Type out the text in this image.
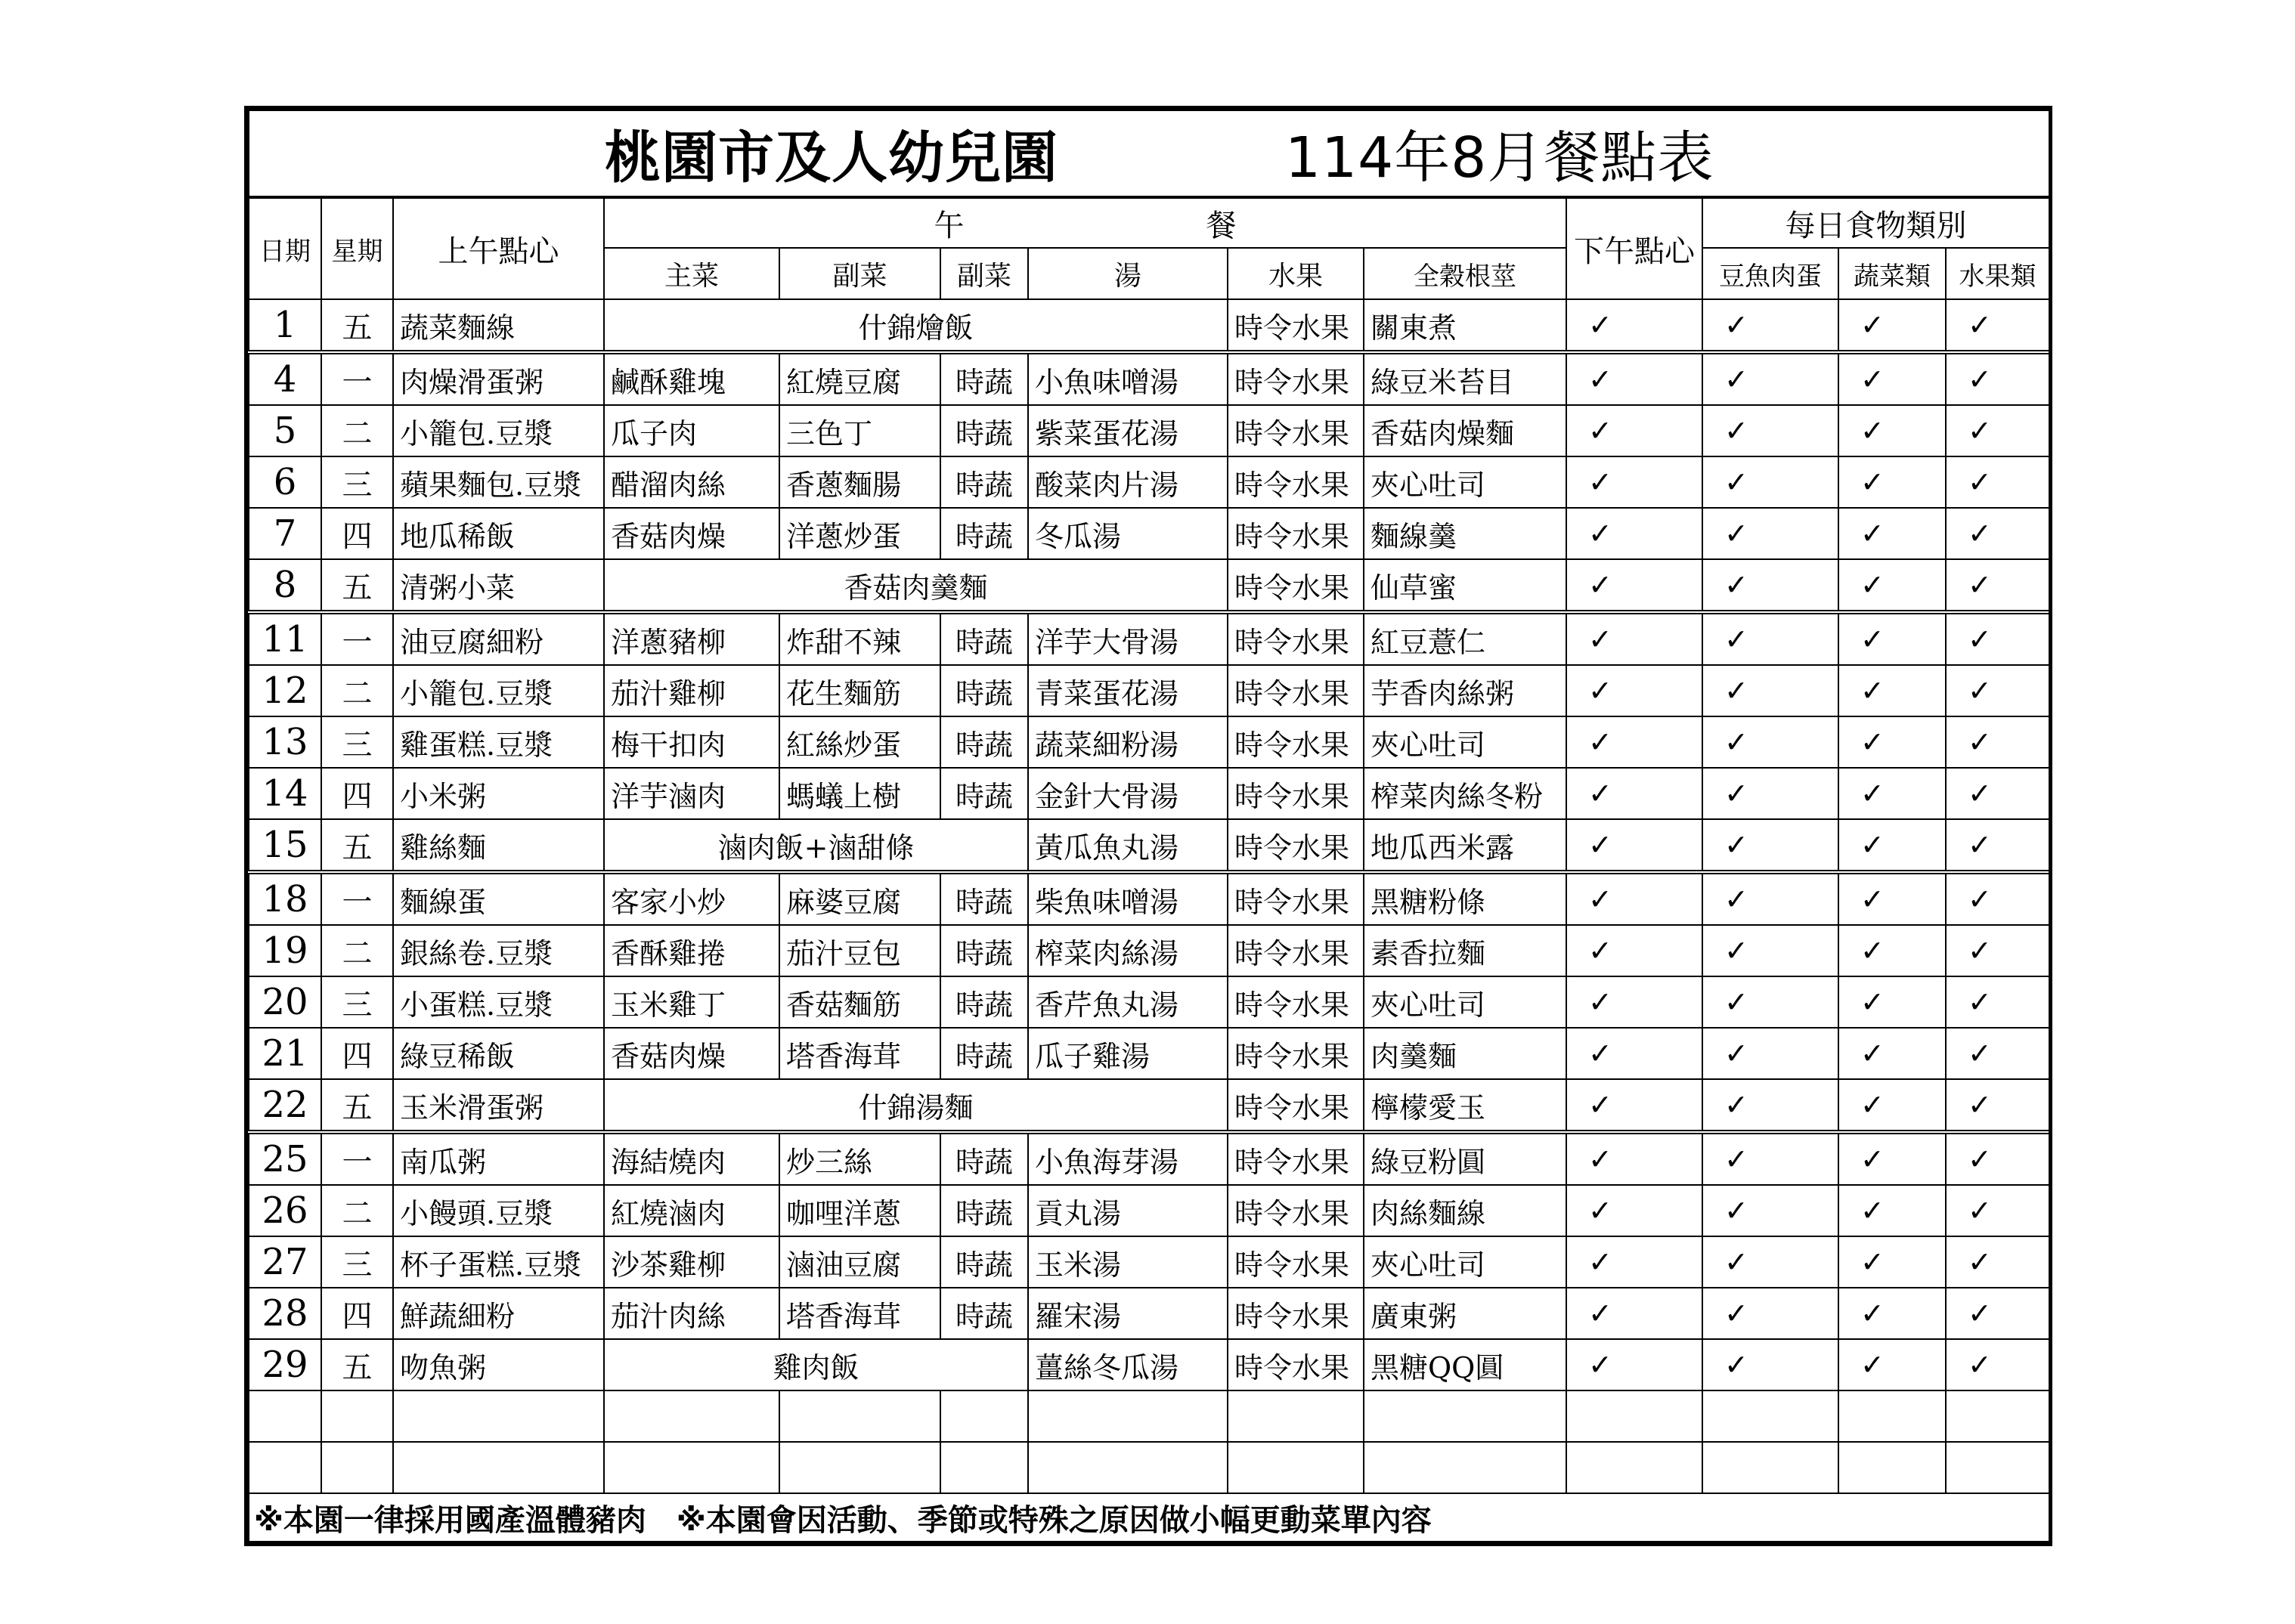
桃園市及人幼兒園 114年8月餐點表												
日期	星期	上午點心	午 餐						下午點心	每日食物類別		
			主菜	副菜	副菜	湯	水果	全穀根莖		豆魚肉蛋	蔬菜類	水果類
1	五	蔬菜麵線	什錦燴飯				時令水果	關東煮	✓	✓	✓	✓
4	一	肉燥滑蛋粥	鹹酥雞塊	紅燒豆腐	時蔬	小魚味噌湯	時令水果	綠豆米苔目	✓	✓	✓	✓
5	二	小籠包.豆漿	瓜子肉	三色丁	時蔬	紫菜蛋花湯	時令水果	香菇肉燥麵	✓	✓	✓	✓
6	三	蘋果麵包.豆漿	醋溜肉絲	香蔥麵腸	時蔬	酸菜肉片湯	時令水果	夾心吐司	✓	✓	✓	✓
7	四	地瓜稀飯	香菇肉燥	洋蔥炒蛋	時蔬	冬瓜湯	時令水果	麵線羹	✓	✓	✓	✓
8	五	清粥小菜	香菇肉羹麵				時令水果	仙草蜜	✓	✓	✓	✓
11	一	油豆腐細粉	洋蔥豬柳	炸甜不辣	時蔬	洋芋大骨湯	時令水果	紅豆薏仁	✓	✓	✓	✓
12	二	小籠包.豆漿	茄汁雞柳	花生麵筋	時蔬	青菜蛋花湯	時令水果	芋香肉絲粥	✓	✓	✓	✓
13	三	雞蛋糕.豆漿	梅干扣肉	紅絲炒蛋	時蔬	蔬菜細粉湯	時令水果	夾心吐司	✓	✓	✓	✓
14	四	小米粥	洋芋滷肉	螞蟻上樹	時蔬	金針大骨湯	時令水果	榨菜肉絲冬粉	✓	✓	✓	✓
15	五	雞絲麵	滷肉飯+滷甜條			黃瓜魚丸湯	時令水果	地瓜西米露	✓	✓	✓	✓
18	一	麵線蛋	客家小炒	麻婆豆腐	時蔬	柴魚味噌湯	時令水果	黑糖粉條	✓	✓	✓	✓
19	二	銀絲卷.豆漿	香酥雞捲	茄汁豆包	時蔬	榨菜肉絲湯	時令水果	素香拉麵	✓	✓	✓	✓
20	三	小蛋糕.豆漿	玉米雞丁	香菇麵筋	時蔬	香芹魚丸湯	時令水果	夾心吐司	✓	✓	✓	✓
21	四	綠豆稀飯	香菇肉燥	塔香海茸	時蔬	瓜子雞湯	時令水果	肉羹麵	✓	✓	✓	✓
22	五	玉米滑蛋粥	什錦湯麵				時令水果	檸檬愛玉	✓	✓	✓	✓
25	一	南瓜粥	海結燒肉	炒三絲	時蔬	小魚海芽湯	時令水果	綠豆粉圓	✓	✓	✓	✓
26	二	小饅頭.豆漿	紅燒滷肉	咖哩洋蔥	時蔬	貢丸湯	時令水果	肉絲麵線	✓	✓	✓	✓
27	三	杯子蛋糕.豆漿	沙茶雞柳	滷油豆腐	時蔬	玉米湯	時令水果	夾心吐司	✓	✓	✓	✓
28	四	鮮蔬細粉	茄汁肉絲	塔香海茸	時蔬	羅宋湯	時令水果	廣東粥	✓	✓	✓	✓
29	五	吻魚粥	雞肉飯			薑絲冬瓜湯	時令水果	黑糖QQ圓	✓	✓	✓	✓

※本園一律採用國產溫體豬肉　※本園會因活動、季節或特殊之原因做小幅更動菜單內容												
